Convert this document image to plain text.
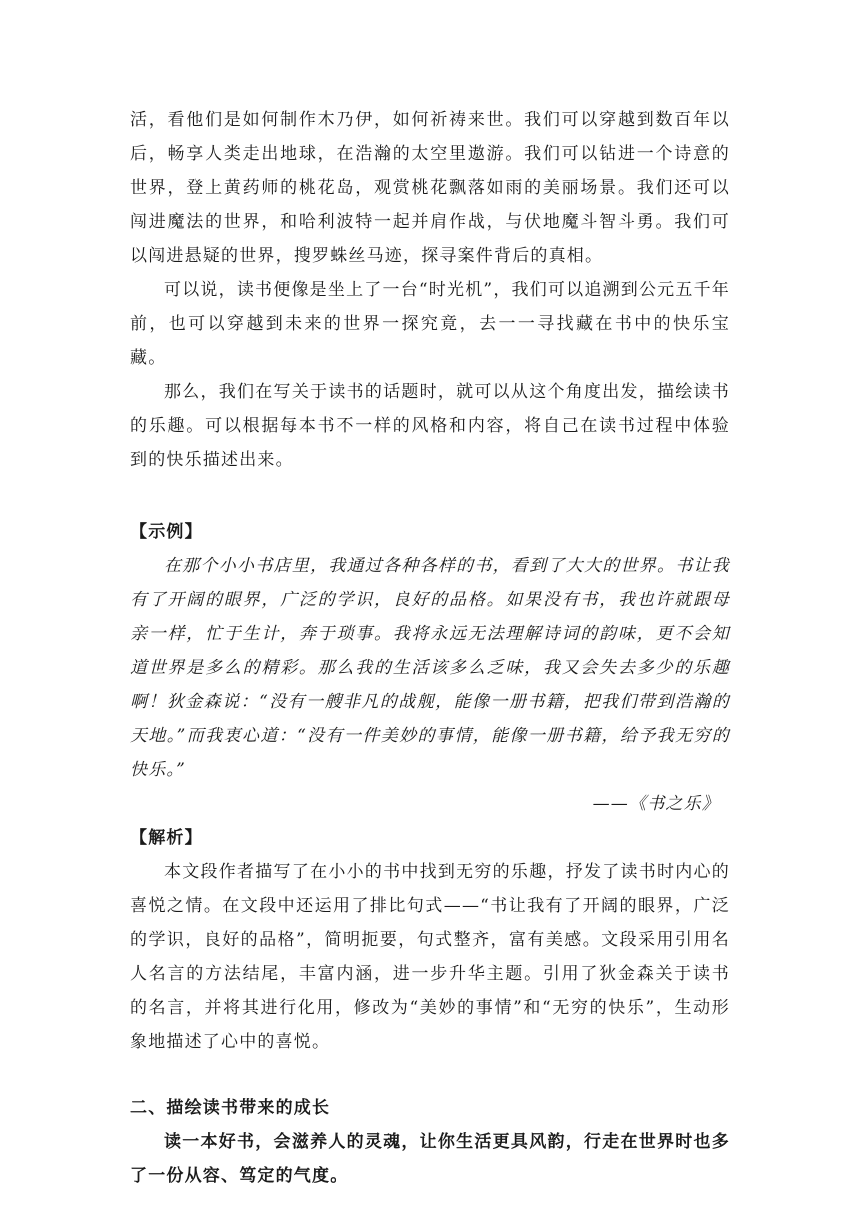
活，看他们是如何制作木乃伊，如何祈祷来世。我们可以穿越到数百年以后，畅享人类走出地球，在浩瀚的太空里遨游。我们可以钻进一个诗意的世界，登上黄药师的桃花岛，观赏桃花飘落如雨的美丽场景。我们还可以闯进魔法的世界，和哈利波特一起并肩作战，与伏地魔斗智斗勇。我们可以闯进悬疑的世界，搜罗蛛丝马迹，探寻案件背后的真相。

可以说，读书便像是坐上了一台“时光机”，我们可以追溯到公元五千年前，也可以穿越到未来的世界一探究竟，去一一寻找藏在书中的快乐宝藏。

那么，我们在写关于读书的话题时，就可以从这个角度出发，描绘读书的乐趣。可以根据每本书不一样的风格和内容，将自己在读书过程中体验到的快乐描述出来。

【示例】

在那个小小书店里，我通过各种各样的书，看到了大大的世界。书让我有了开阔的眼界，广泛的学识，良好的品格。如果没有书，我也许就跟母亲一样，忙于生计，奔于琐事。我将永远无法理解诗词的韵味，更不会知道世界是多么的精彩。那么我的生活该多么乏味，我又会失去多少的乐趣啊！狄金森说：“没有一艘非凡的战舰，能像一册书籍，把我们带到浩瀚的天地。”而我衷心道：“没有一件美妙的事情，能像一册书籍，给予我无穷的快乐。”

——《书之乐》

【解析】

本文段作者描写了在小小的书中找到无穷的乐趣，抒发了读书时内心的喜悦之情。在文段中还运用了排比句式——“书让我有了开阔的眼界，广泛的学识，良好的品格”，简明扼要，句式整齐，富有美感。文段采用引用名人名言的方法结尾，丰富内涵，进一步升华主题。引用了狄金森关于读书的名言，并将其进行化用，修改为“美妙的事情”和“无穷的快乐”，生动形象地描述了心中的喜悦。

二、描绘读书带来的成长

读一本好书，会滋养人的灵魂，让你生活更具风韵，行走在世界时也多了一份从容、笃定的气度。
